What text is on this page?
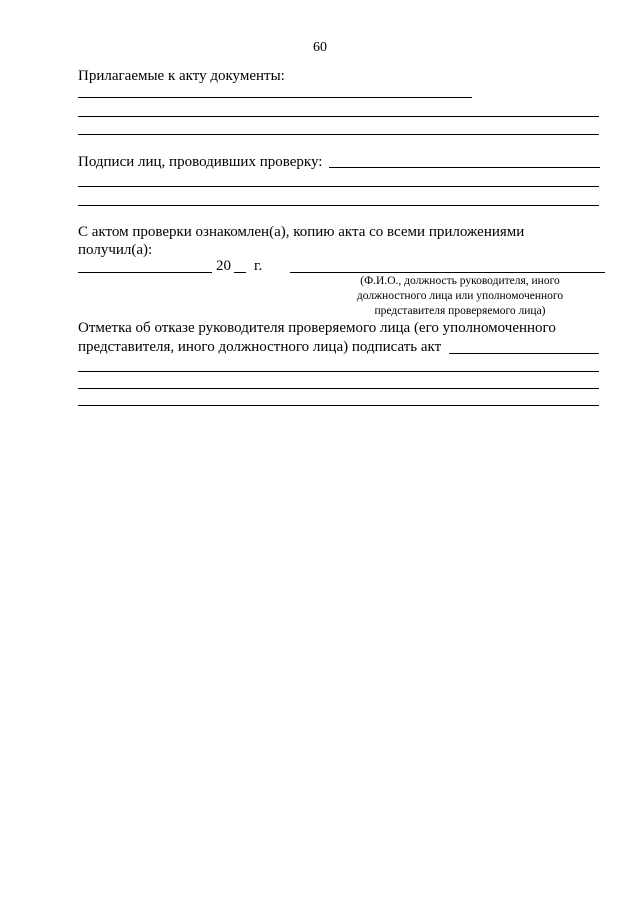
60
Прилагаемые к акту документы:
Подписи лиц, проводивших проверку:
С актом проверки ознакомлен(а), копию акта со всеми приложениями
получил(а):
20 г.
(Ф.И.О., должность руководителя, иного
должностного лица или уполномоченного
представителя проверяемого лица)
Отметка об отказе руководителя проверяемого лица (его уполномоченного
представителя, иного должностного лица) подписать акт
